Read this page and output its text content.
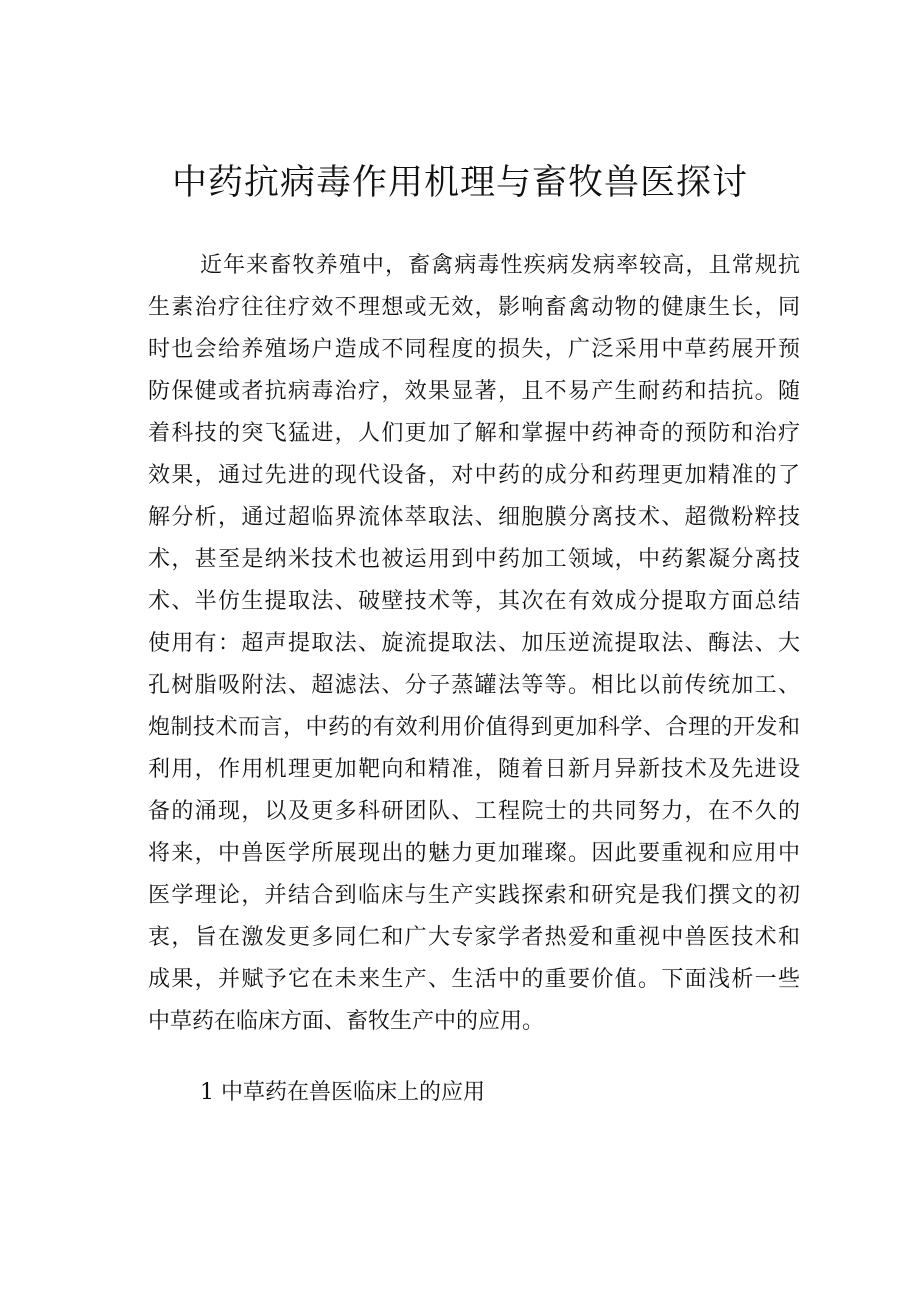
中药抗病毒作用机理与畜牧兽医探讨
近年来畜牧养殖中，畜禽病毒性疾病发病率较高，且常规抗
生素治疗往往疗效不理想或无效，影响畜禽动物的健康生长，同
时也会给养殖场户造成不同程度的损失，广泛采用中草药展开预
防保健或者抗病毒治疗，效果显著，且不易产生耐药和拮抗。随
着科技的突飞猛进，人们更加了解和掌握中药神奇的预防和治疗
效果，通过先进的现代设备，对中药的成分和药理更加精准的了
解分析，通过超临界流体萃取法、细胞膜分离技术、超微粉粹技
术，甚至是纳米技术也被运用到中药加工领域，中药絮凝分离技
术、半仿生提取法、破壁技术等，其次在有效成分提取方面总结
使用有：超声提取法、旋流提取法、加压逆流提取法、酶法、大
孔树脂吸附法、超滤法、分子蒸罐法等等。相比以前传统加工、
炮制技术而言，中药的有效利用价值得到更加科学、合理的开发和
利用，作用机理更加靶向和精准，随着日新月异新技术及先进设
备的涌现，以及更多科研团队、工程院士的共同努力，在不久的
将来，中兽医学所展现出的魅力更加璀璨。因此要重视和应用中
医学理论，并结合到临床与生产实践探索和研究是我们撰文的初
衷，旨在激发更多同仁和广大专家学者热爱和重视中兽医技术和
成果，并赋予它在未来生产、生活中的重要价值。下面浅析一些
中草药在临床方面、畜牧生产中的应用。
1 中草药在兽医临床上的应用
